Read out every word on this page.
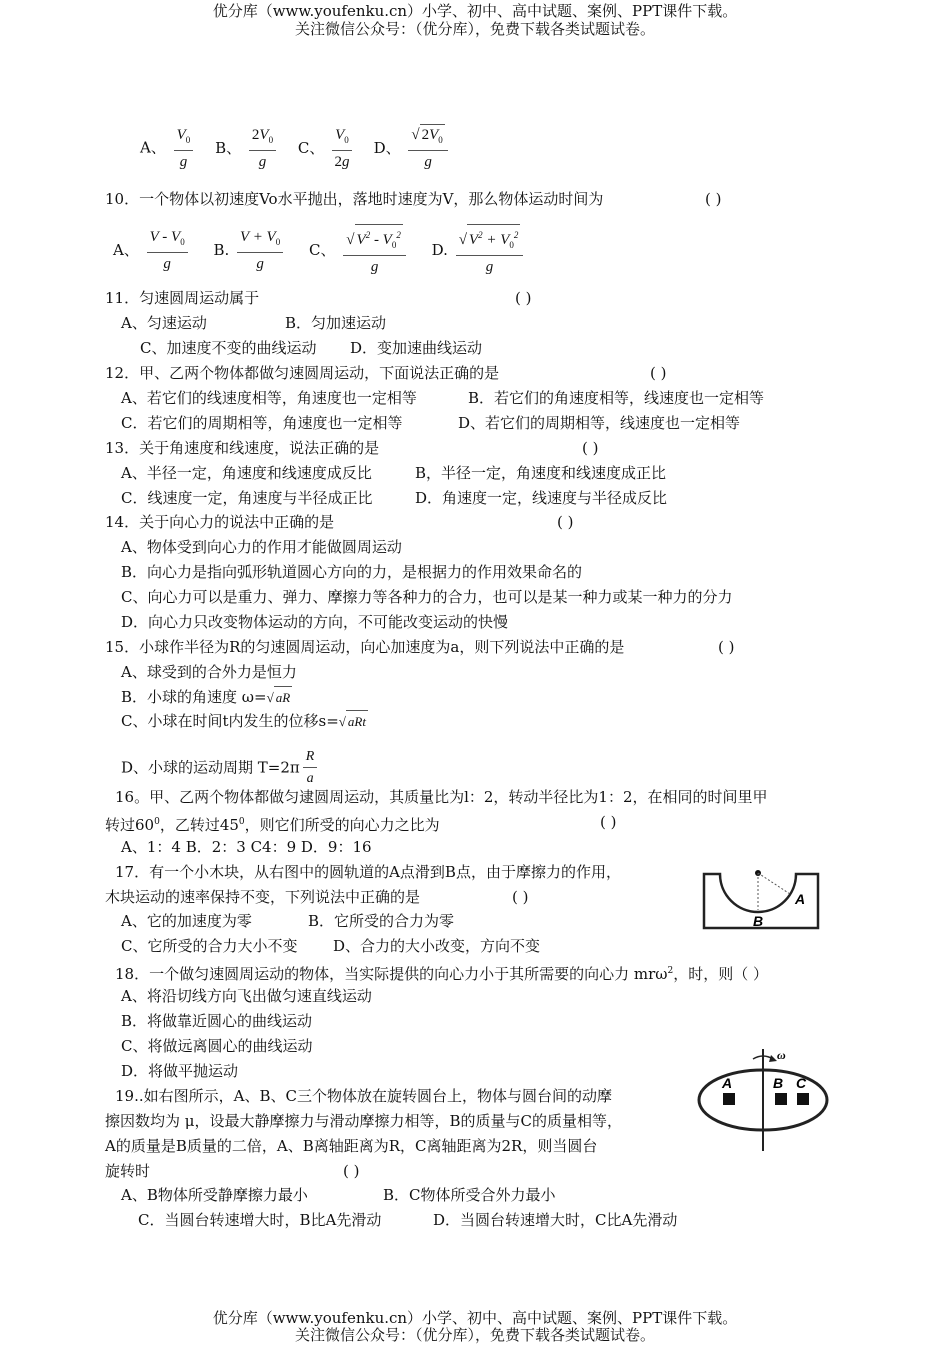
优分库（www.youfenku.cn）小学、初中、高中试题、案例、PPT课件下载。
关注微信公众号：（优分库），免费下载各类试题试卷。
A、 $\frac{V_0}{g}$ B、 $\frac{2V_0}{g}$ C、 $\frac{V_0}{2g}$ D、 $\frac{√ 2V_0}{g}$
10．一个物体以初速度Vo水平抛出，落地时速度为V，那么物体运动时间为	( )
A、 $\frac{V - V_0}{g} B$. $\frac{V + V_0}{g}$ C、 $\frac{√ V^2 - V_0^2}{g} D$. $\frac{√ V^2 + V_0^2}{g}$
11．匀速圆周运动属于	( )
A、匀速运动	B．匀加速运动
C、加速度不变的曲线运动 D．变加速曲线运动
12．甲、乙两个物体都做匀速圆周运动，下面说法正确的是	( )
A、若它们的线速度相等，角速度也一定相等	B．若它们的角速度相等，线速度也一定相等
C．若它们的周期相等，角速度也一定相等	D、若它们的周期相等，线速度也一定相等
13．关于角速度和线速度，说法正确的是	( )
A、半径一定，角速度和线速度成反比	B，半径一定，角速度和线速度成正比
C．线速度一定，角速度与半径成正比	D．角速度一定，线速度与半径成反比
14．关于向心力的说法中正确的是	( )
A、物体受到向心力的作用才能做圆周运动
B．向心力是指向弧形轨道圆心方向的力，是根据力的作用效果命名的
C、向心力可以是重力、弹力、摩擦力等各种力的合力，也可以是某一种力或某一种力的分力
D．向心力只改变物体运动的方向，不可能改变运动的快慢
15．小球作半径为R的匀速圆周运动，向心加速度为a，则下列说法中正确的是	( )
A、球受到的合外力是恒力
B．小球的角速度 ω=√ aR
C、小球在时间t内发生的位移s=√ aRt
D、小球的运动周期 $T=2\pi \frac{R}{a}$
16。甲、乙两个物体都做匀逮圆周运动，其质量比为l：2，转动半径比为1：2，在相同的时间里甲
转过$60^0$，乙转过$45^0$，则它们所受的向心力之比为	( )
A、1：4 B．2：3 C4：9 D．9：16
17．有一个小木块，从右图中的圆轨道的A点滑到B点，由于摩擦力的作用，
木块运动的速率保持不变，下列说法中正确的是	( )
A、它的加速度为零	B．它所受的合力为零
C、它所受的合力大小不变 D、合力的大小改变，方向不变
A
B
18．一个做匀速圆周运动的物体，当实际提供的向心力小于其所需要的向心力 mrω$^2$，时，则（ ）
A、将沿切线方向飞出做匀速直线运动
B．将做靠近圆心的曲线运动
C、将做远离圆心的曲线运动
D．将做平抛运动
19..如右图所示，A、B、C三个物体放在旋转圆台上，物体与圆台间的动摩
擦因数均为 μ，设最大静摩擦力与滑动摩擦力相等，B的质量与C的质量相等，
A的质量是B质量的二倍，A、B离轴距离为R，C离轴距离为2R，则当圆台
旋转时	( )
A、B物体所受静摩擦力最小	B．C物体所受合外力最小
C．当圆台转速增大时，B比A先滑动	D．当圆台转速增大时，C比A先滑动
ω
A	B C
优分库（www.youfenku.cn）小学、初中、高中试题、案例、PPT课件下载。
关注微信公众号：（优分库），免费下载各类试题试卷。
